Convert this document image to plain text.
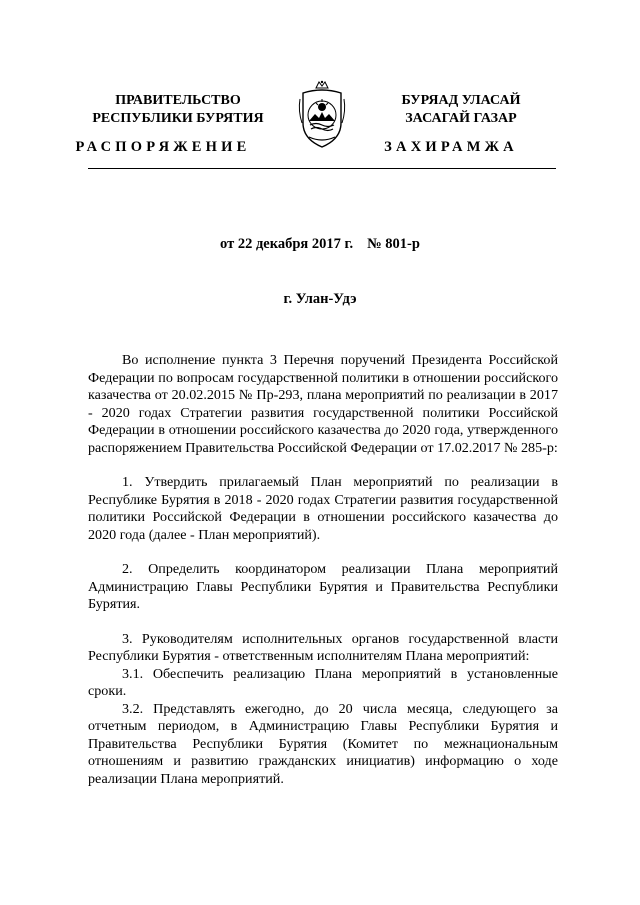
ПРАВИТЕЛЬСТВО
РЕСПУБЛИКИ БУРЯТИЯ
БУРЯАД УЛАСАЙ
ЗАСАГАЙ ГАЗАР
РАСПОРЯЖЕНИЕ	ЗАХИРАМЖА
от 22 декабря 2017 г. № 801-р
г. Улан-Удэ

Во исполнение пункта 3 Перечня поручений Президента Российской Федерации по вопросам государственной политики в отношении российского казачества от 20.02.2015 № Пр-293, плана мероприятий по реализации в 2017 - 2020 годах Стратегии развития государственной политики Российской Федерации в отношении российского казачества до 2020 года, утвержденного распоряжением Правительства Российской Федерации от 17.02.2017 № 285-р:

1. Утвердить прилагаемый План мероприятий по реализации в Республике Бурятия в 2018 - 2020 годах Стратегии развития государственной политики Российской Федерации в отношении российского казачества до 2020 года (далее - План мероприятий).

2. Определить координатором реализации Плана мероприятий Администрацию Главы Республики Бурятия и Правительства Республики Бурятия.

3. Руководителям исполнительных органов государственной власти Республики Бурятия - ответственным исполнителям Плана мероприятий:

3.1. Обеспечить реализацию Плана мероприятий в установленные сроки.

3.2. Представлять ежегодно, до 20 числа месяца, следующего за отчетным периодом, в Администрацию Главы Республики Бурятия и Правительства Республики Бурятия (Комитет по межнациональным отношениям и развитию гражданских инициатив) информацию о ходе реализации Плана мероприятий.
